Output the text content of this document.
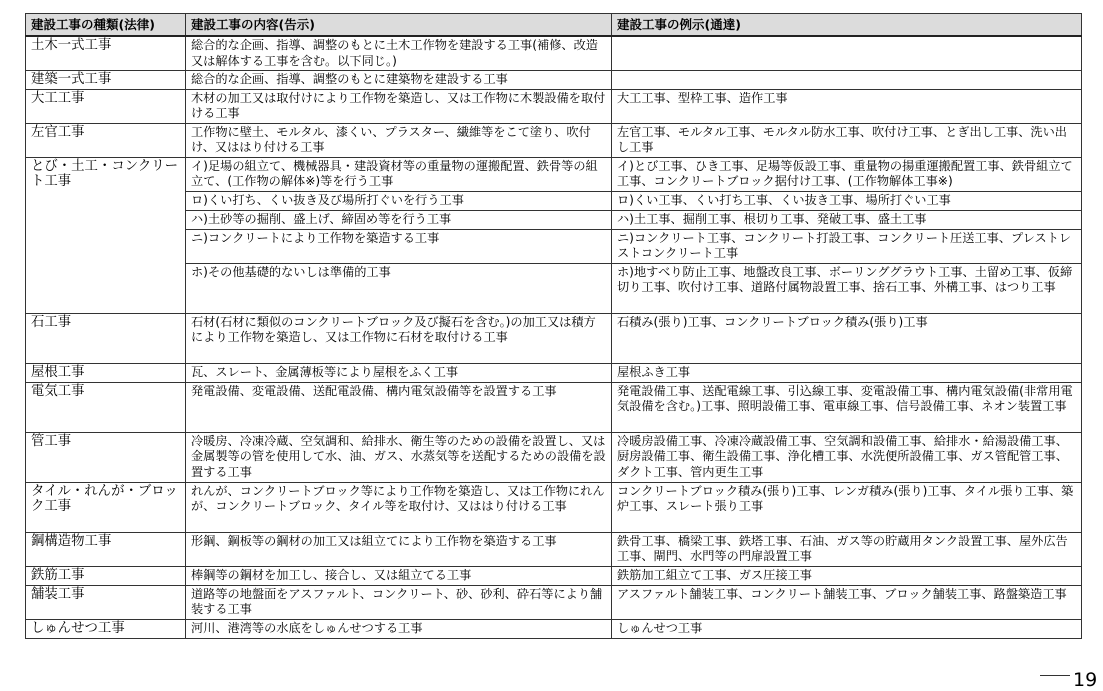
建設工事の種類(法律)	建設工事の内容(告示)	建設工事の例示(通達)
土木一式工事	総合的な企画、指導、調整のもとに土木工作物を建設する工事(補修、改造又は解体する工事を含む。以下同じ。)	
建築一式工事	総合的な企画、指導、調整のもとに建築物を建設する工事	
大工工事	木材の加工又は取付けにより工作物を築造し、又は工作物に木製設備を取付ける工事	大工工事、型枠工事、造作工事
左官工事	工作物に壁土、モルタル、漆くい、プラスター、繊維等をこて塗り、吹付け、又ははり付ける工事	左官工事、モルタル工事、モルタル防水工事、吹付け工事、とぎ出し工事、洗い出し工事
とび・土工・コンクリート工事	イ)足場の組立て、機械器具・建設資材等の重量物の運搬配置、鉄骨等の組立て、(工作物の解体※)等を行う工事	イ)とび工事、ひき工事、足場等仮設工事、重量物の揚重運搬配置工事、鉄骨組立て工事、コンクリートブロック据付け工事、(工作物解体工事※)
	ロ)くい打ち、くい抜き及び場所打ぐいを行う工事	ロ)くい工事、くい打ち工事、くい抜き工事、場所打ぐい工事
	ハ)土砂等の掘削、盛上げ、締固め等を行う工事	ハ)土工事、掘削工事、根切り工事、発破工事、盛土工事
	ニ)コンクリートにより工作物を築造する工事	ニ)コンクリート工事、コンクリート打設工事、コンクリート圧送工事、プレストレストコンクリート工事
	ホ)その他基礎的ないしは準備的工事	ホ)地すべり防止工事、地盤改良工事、ボーリンググラウト工事、土留め工事、仮締切り工事、吹付け工事、道路付属物設置工事、捨石工事、外構工事、はつり工事
石工事	石材(石材に類似のコンクリートブロック及び擬石を含む。)の加工又は積方により工作物を築造し、又は工作物に石材を取付ける工事	石積み(張り)工事、コンクリートブロック積み(張り)工事
屋根工事	瓦、スレート、金属薄板等により屋根をふく工事	屋根ふき工事
電気工事	発電設備、変電設備、送配電設備、構内電気設備等を設置する工事	発電設備工事、送配電線工事、引込線工事、変電設備工事、構内電気設備(非常用電気設備を含む。)工事、照明設備工事、電車線工事、信号設備工事、ネオン装置工事
管工事	冷暖房、冷凍冷蔵、空気調和、給排水、衛生等のための設備を設置し、又は金属製等の管を使用して水、油、ガス、水蒸気等を送配するための設備を設置する工事	冷暖房設備工事、冷凍冷蔵設備工事、空気調和設備工事、給排水・給湯設備工事、厨房設備工事、衛生設備工事、浄化槽工事、水洗便所設備工事、ガス管配管工事、ダクト工事、管内更生工事
タイル・れんが・ブロック工事	れんが、コンクリートブロック等により工作物を築造し、又は工作物にれんが、コンクリートブロック、タイル等を取付け、又ははり付ける工事	コンクリートブロック積み(張り)工事、レンガ積み(張り)工事、タイル張り工事、築炉工事、スレート張り工事
鋼構造物工事	形鋼、鋼板等の鋼材の加工又は組立てにより工作物を築造する工事	鉄骨工事、橋梁工事、鉄塔工事、石油、ガス等の貯蔵用タンク設置工事、屋外広告工事、閘門、水門等の門扉設置工事
鉄筋工事	棒鋼等の鋼材を加工し、接合し、又は組立てる工事	鉄筋加工組立て工事、ガス圧接工事
舗装工事	道路等の地盤面をアスファルト、コンクリート、砂、砂利、砕石等により舗装する工事	アスファルト舗装工事、コンクリート舗装工事、ブロック舗装工事、路盤築造工事
しゅんせつ工事	河川、港湾等の水底をしゅんせつする工事	しゅんせつ工事
19
